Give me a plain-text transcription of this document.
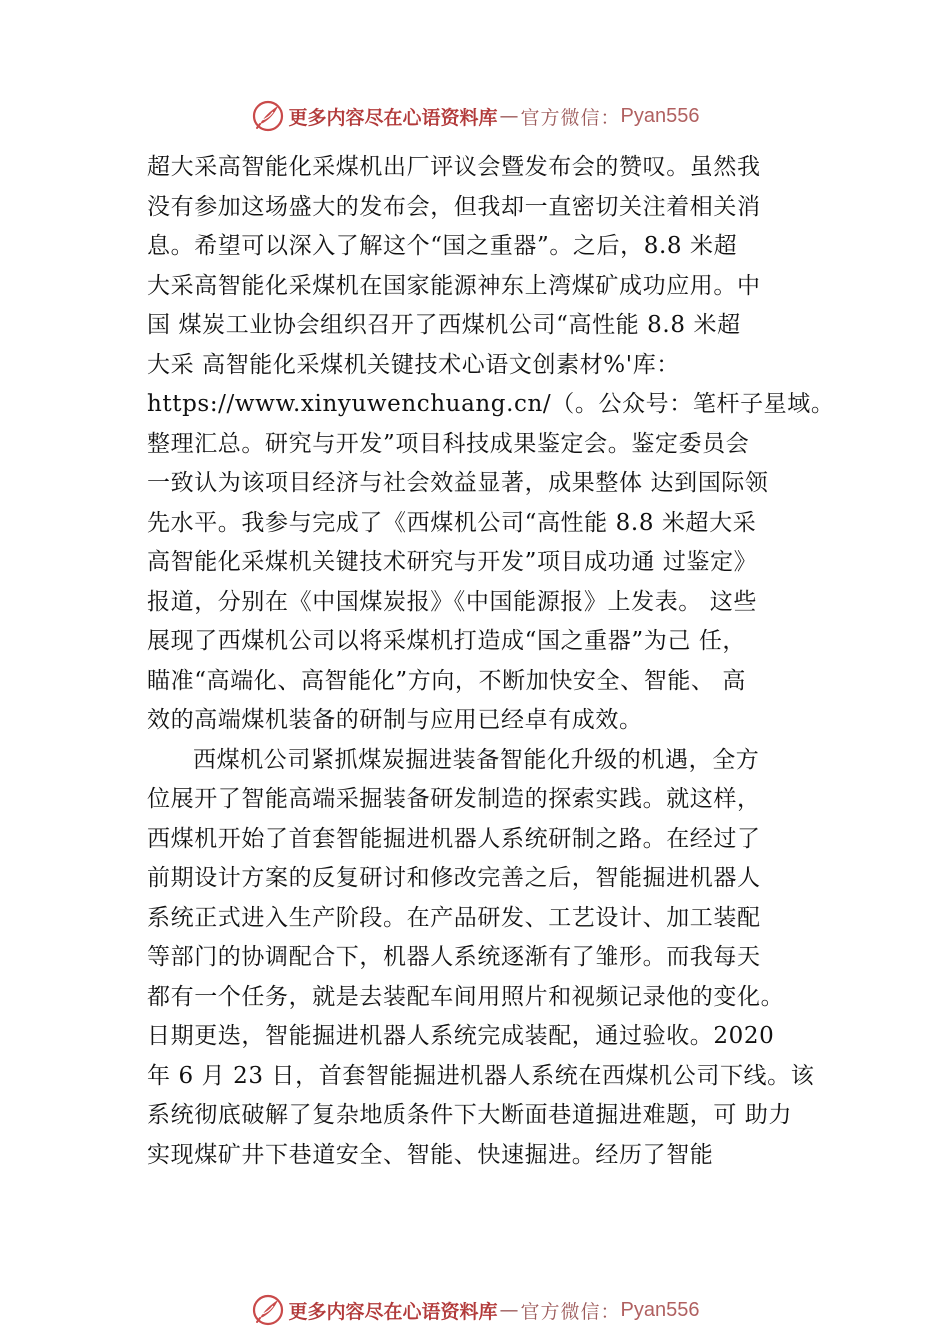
更多内容尽在心语资料库 — 官方微信： Pyan556
超大采高智能化采煤机出厂评议会暨发布会的赞叹。虽然我
没有参加这场盛大的发布会，但我却一直密切关注着相关消
息。希望可以深入了解这个“国之重器”。之后，8.8 米超
大采高智能化采煤机在国家能源神东上湾煤矿成功应用。中
国 煤炭工业协会组织召开了西煤机公司“高性能 8.8 米超
大采 高智能化采煤机关键技术心语文创素材%'库：
https://www.xinyuwenchuang.cn/（。公众号：笔杆子星域。
整理汇总。研究与开发”项目科技成果鉴定会。鉴定委员会
一致认为该项目经济与社会效益显著，成果整体 达到国际领
先水平。我参与完成了《西煤机公司“高性能 8.8 米超大采
高智能化采煤机关键技术研究与开发”项目成功通 过鉴定》
报道，分别在《中国煤炭报》《中国能源报》上发表。 这些
展现了西煤机公司以将采煤机打造成“国之重器”为己 任，
瞄准“高端化、高智能化”方向，不断加快安全、智能、 高
效的高端煤机装备的研制与应用已经卓有成效。
西煤机公司紧抓煤炭掘进装备智能化升级的机遇，全方
位展开了智能高端采掘装备研发制造的探索实践。就这样，
西煤机开始了首套智能掘进机器人系统研制之路。在经过了
前期设计方案的反复研讨和修改完善之后，智能掘进机器人
系统正式进入生产阶段。在产品研发、工艺设计、加工装配
等部门的协调配合下，机器人系统逐渐有了雏形。而我每天
都有一个任务，就是去装配车间用照片和视频记录他的变化。
日期更迭，智能掘进机器人系统完成装配，通过验收。2020
年 6 月 23 日，首套智能掘进机器人系统在西煤机公司下线。该
系统彻底破解了复杂地质条件下大断面巷道掘进难题，可 助力
实现煤矿井下巷道安全、智能、快速掘进。经历了智能
更多内容尽在心语资料库 — 官方微信： Pyan556
